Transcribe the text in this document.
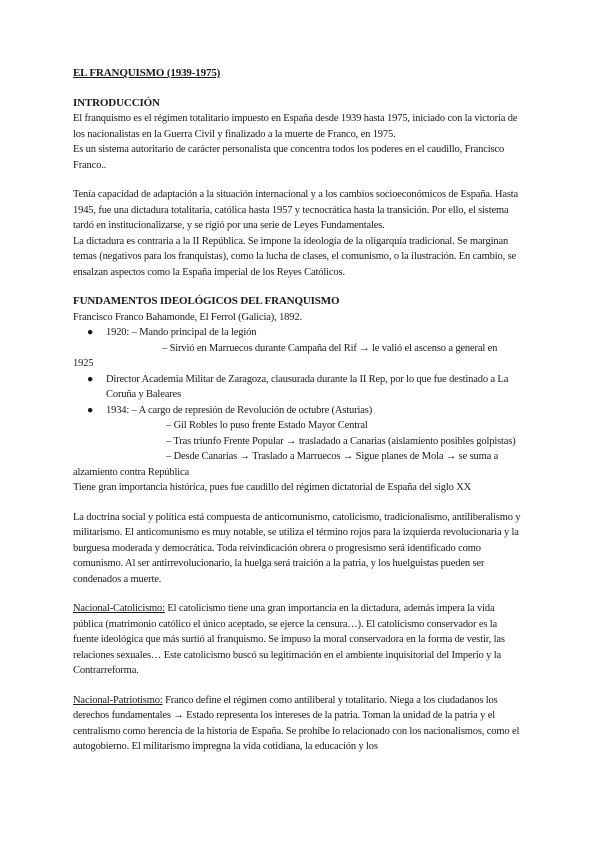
EL FRANQUISMO (1939-1975)

INTRODUCCIÓN

El franquismo es el régimen totalitario impuesto en España desde 1939 hasta 1975, iniciado con la victoria de los nacionalistas en la Guerra Civil y finalizado a la muerte de Franco, en 1975.

Es un sistema autoritario de carácter personalista que concentra todos los poderes en el caudillo, Francisco Franco..

Tenía capacidad de adaptación a la situación internacional y a los cambios socioeconómicos de España. Hasta 1945, fue una dictadura totalitaria, católica hasta 1957 y tecnocrática hasta la transición. Por ello, el sistema tardó en institucionalizarse, y se rigió por una serie de Leyes Fundamentales.

La dictadura es contraria a la II República. Se impone la ideología de la oligarquía tradicional. Se marginan temas (negativos para los franquistas), como la lucha de clases, el comunismo, o la ilustración. En cambio, se ensalzan aspectos como la España imperial de los Reyes Católicos.

FUNDAMENTOS IDEOLÓGICOS DEL FRANQUISMO

Francisco Franco Bahamonde, El Ferrol (Galicia), 1892.

● 1920: – Mando principal de la legión
– Sirvió en Marruecos durante Campaña del Rif → le valió el ascenso a general en

1925

● Director Academia Militar de Zaragoza, clausurada durante la II Rep, por lo que fue destinado a La Coruña y Baleares
● 1934: – A cargo de represión de Revolución de octubre (Asturias)
– Gil Robles lo puso frente Estado Mayor Central
– Tras triunfo Frente Popular → trasladado a Canarias (aislamiento posibles golpistas)
– Desde Canarias → Traslado a Marruecos → Sigue planes de Mola → se suma a

alzamiento contra República

Tiene gran importancia histórica, pues fue caudillo del régimen dictatorial de España del siglo XX

La doctrina social y política está compuesta de anticomunismo, catolicismo, tradicionalismo, antiliberalismo y militarismo. El anticomunismo es muy notable, se utiliza el término rojos para la izquierda revolucionaria y la burguesa moderada y democrática. Toda reivindicación obrera o progresismo será identificado como comunismo. Al ser antirrevolucionario, la huelga será traición a la patria, y los huelguistas pueden ser condenados a muerte.

Nacional-Catolicismo: El catolicismo tiene una gran importancia en la dictadura, además impera la vida pública (matrimonio católico el único aceptado, se ejerce la censura…). El catolicismo conservador es la fuente ideológica que más surtió al franquismo. Se impuso la moral conservadora en la forma de vestir, las relaciones sexuales… Este catolicismo buscó su legitimación en el ambiente inquisitorial del Imperio y la Contrarreforma.

Nacional-Patriotismo: Franco define el régimen como antiliberal y totalitario. Niega a los ciudadanos los derechos fundamentales → Estado representa los intereses de la patria. Toman la unidad de la patria y el centralismo como herencia de la historia de España. Se prohíbe lo relacionado con los nacionalismos, como el autogobierno. El militarismo impregna la vida cotidiana, la educación y los
